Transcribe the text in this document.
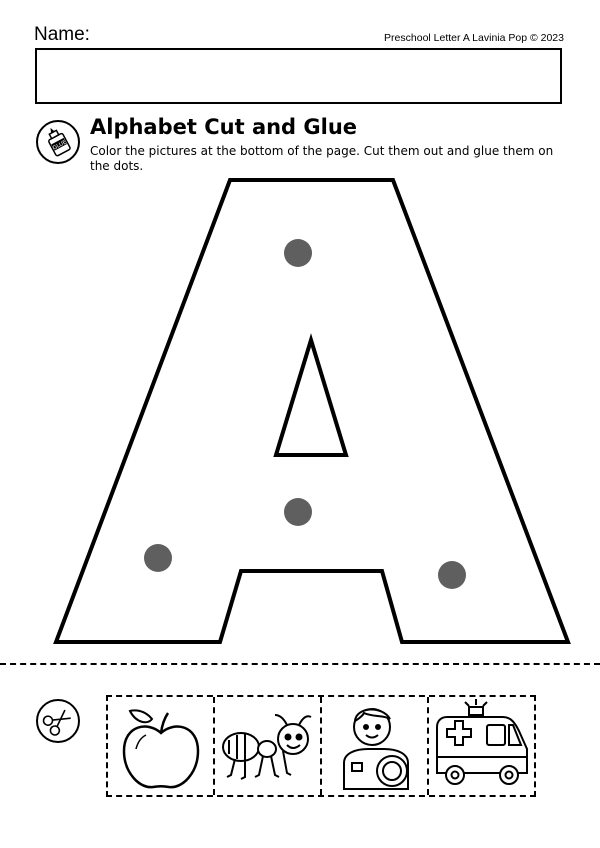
Name:	Preschool Letter A Lavinia Pop © 2023
GLUE
Alphabet Cut and Glue
Color the pictures at the bottom of the page. Cut them out and glue them on the dots.
